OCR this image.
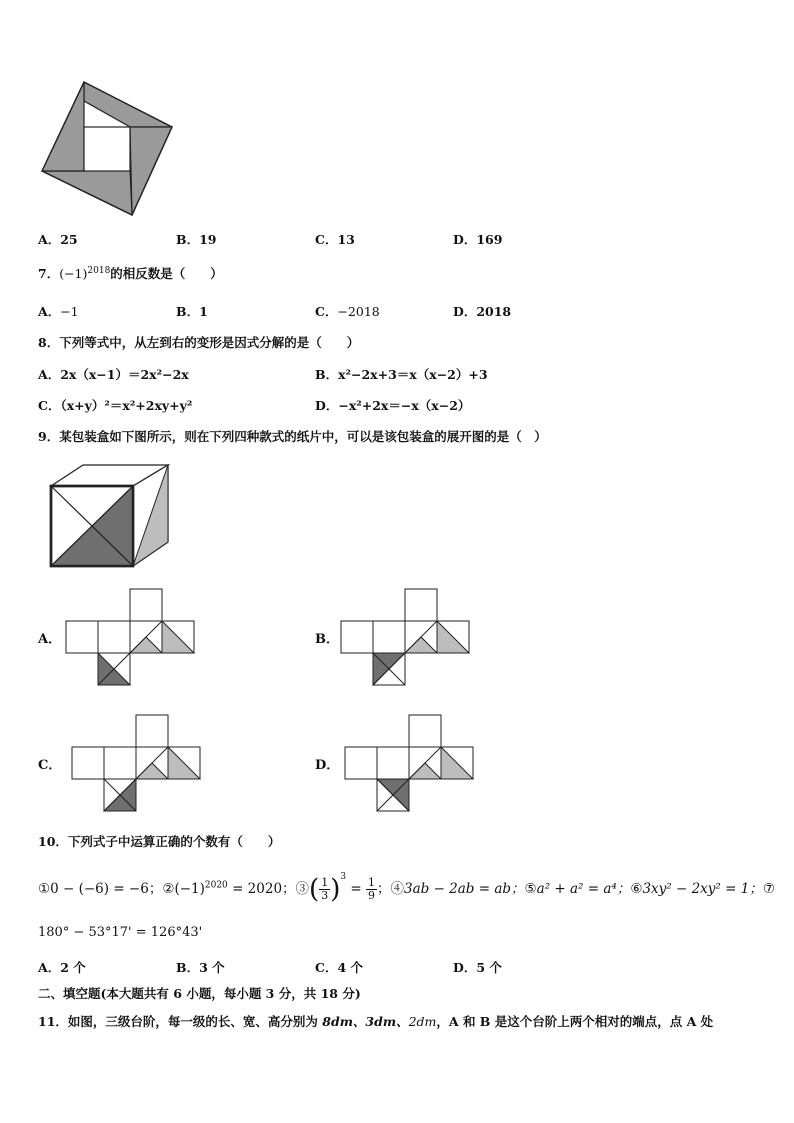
A．25	B．19	C．13	D．169
7．$(-1)^{2018}$的相反数是（　　）
A．−1	B．1	C．−2018	D．2018
8．下列等式中，从左到右的变形是因式分解的是（　　）
A．2x（x−1）＝2x²−2x	B．x²−2x+3＝x（x−2）+3
C．（x+y）²＝x²+2xy+y²	D．−x²+2x＝−x（x−2）
9．某包装盒如下图所示，则在下列四种款式的纸片中，可以是该包装盒的展开图的是（　）
A．	B．
C．	D．
10．下列式子中运算正确的个数有（　　）
①0 − (−6) = −6；$②(-1)^{2020} = 2020$；③( $\frac{1}{3} )^3 = \frac{1}{9}$ ；④3ab − 2ab = ab；⑤a² + a² = a⁴；⑥3xy² − 2xy² = 1；⑦
180° − 53°17' = 126°43'
A．2 个	B．3 个	C．4 个	D．5 个
二、填空题(本大题共有 6 小题，每小题 3 分，共 18 分)
11．如图，三级台阶，每一级的长、宽、高分别为 8dm、3dm、2dm，A 和 B 是这个台阶上两个相对的端点，点 A 处
